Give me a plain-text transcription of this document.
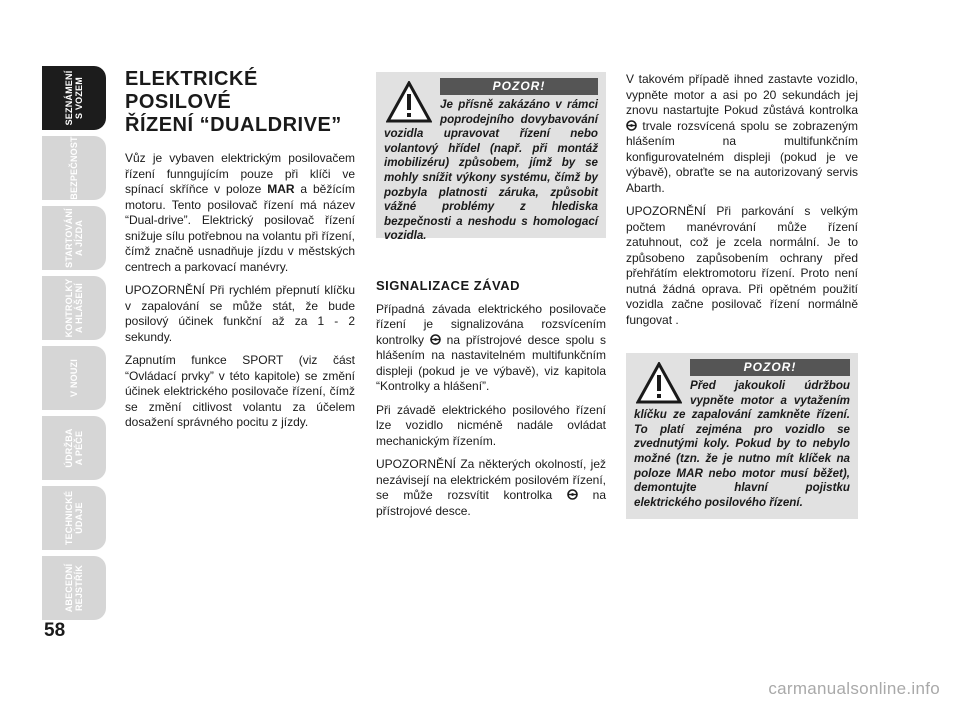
SEZNÁMENÍ
S VOZEM
BEZPEČNOST
STARTOVÁNÍ
A JÍZDA
KONTROLKY
A HLÁŠENÍ
V NOUZI
ÚDRŽBA
A PÉČE
TECHNICKÉ
ÚDAJE
ABECEDNÍ
REJSTŘÍK
58
ELEKTRICKÉ POSILOVÉ
ŘÍZENÍ “DUALDRIVE”

Vůz je vybaven elektrickým posilovačem řízení funngujícím pouze při klíči ve spínací skříňce v poloze MAR a běžícím motoru. Tento posilovač řízení má název “Dual-drive”. Elektrický posilovač řízení snižuje sílu potřebnou na volantu při řízení, čímž značně usnadňuje jízdu v městských centrech a parkovací manévry.

UPOZORNĚNÍ Při rychlém přepnutí klíčku v zapalování se může stát, že bude posilový účinek funkční až za 1 - 2 sekundy.

Zapnutím funkce SPORT (viz část “Ovládací prvky” v této kapitole) se změní účinek elektrického posilovače řízení, čímž se změní citlivost volantu za účelem dosažení správného pocitu z jízdy.

POZOR!

Je přísně zakázáno v rámci poprodejního dovybavování vozidla upravovat řízení nebo volantový hřídel (např. při montáž imobilizéru) způsobem, jímž by se mohly snížit výkony systému, čímž by pozbyla platnosti záruka, způsobit vážné problémy z hlediska bezpečnosti a neshodu s homologací vozidla.

SIGNALIZACE ZÁVAD

Případná závada elektrického posilovače řízení je signalizována rozsvícením kontrolky  na přístrojové desce spolu s hlášením na nastavitelném multifunkčním displeji (pokud je ve výbavě), viz kapitola “Kontrolky a hlášení”.

Při závadě elektrického posilového řízení lze vozidlo nicméně nadále ovládat mechanickým řízením.

UPOZORNĚNÍ Za některých okolností, jež nezávisejí na elektrickém posilovém řízení, se může rozsvítit kontrolka  na přístrojové desce.

V takovém případě ihned zastavte vozidlo, vypněte motor a asi po 20 sekundách jej znovu nastartujte Pokud zůstává kontrolka  trvale rozsvícená spolu se zobrazeným hlášením na multifunkčním konfigurovatelném displeji (pokud je ve výbavě), obraťte se na autorizovaný servis Abarth.

UPOZORNĚNÍ Při parkování s velkým počtem manévrování může řízení zatuhnout, což je zcela normální. Je to způsobeno zapůsobením ochrany před přehřátím elektromotoru řízení. Proto není nutná žádná oprava. Při opětném použití vozidla začne posilovač řízení normálně fungovat .

POZOR!

Před jakoukoli údržbou vypněte motor a vytažením klíčku ze zapalování zamkněte řízení. To platí zejména pro vozidlo se zvednutými koly. Pokud by to nebylo možné (tzn. že je nutno mít klíček na poloze MAR nebo motor musí běžet), demontujte hlavní pojistku elektrického posilového řízení.

carmanualsonline.info
